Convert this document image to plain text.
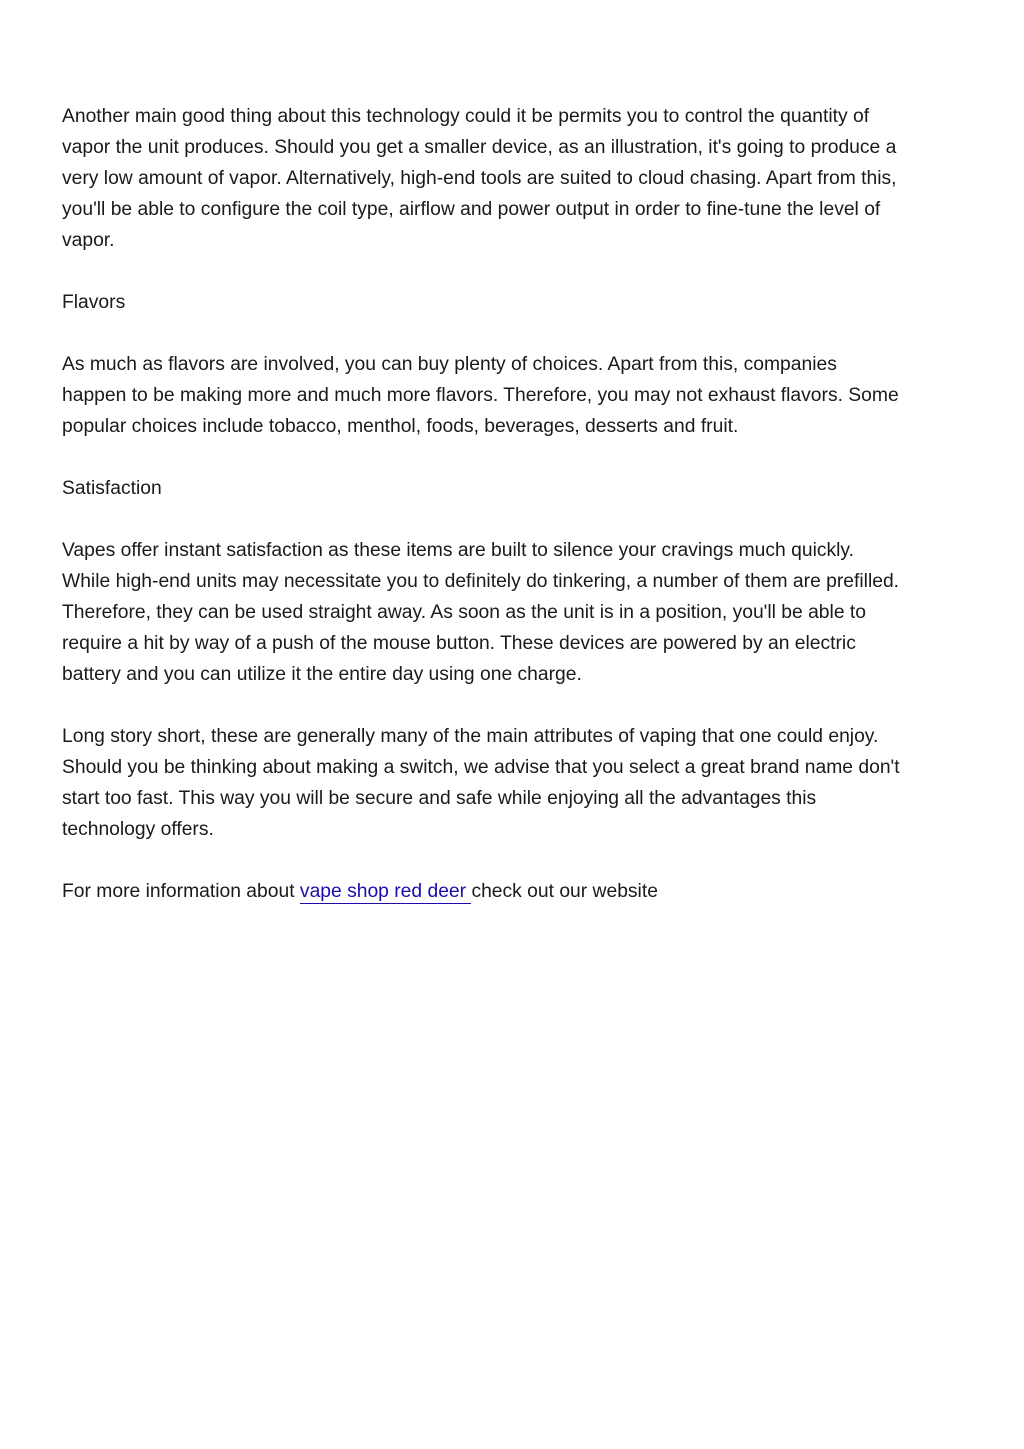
Another main good thing about this technology could it be permits you to control the quantity of
vapor the unit produces. Should you get a smaller device, as an illustration, it's going to produce a
very low amount of vapor. Alternatively, high-end tools are suited to cloud chasing. Apart from this,
you'll be able to configure the coil type, airflow and power output in order to fine-tune the level of
vapor.

Flavors

As much as flavors are involved, you can buy plenty of choices. Apart from this, companies
happen to be making more and much more flavors. Therefore, you may not exhaust flavors. Some
popular choices include tobacco, menthol, foods, beverages, desserts and fruit.

Satisfaction

Vapes offer instant satisfaction as these items are built to silence your cravings much quickly.
While high-end units may necessitate you to definitely do tinkering, a number of them are prefilled.
Therefore, they can be used straight away. As soon as the unit is in a position, you'll be able to
require a hit by way of a push of the mouse button. These devices are powered by an electric
battery and you can utilize it the entire day using one charge.

Long story short, these are generally many of the main attributes of vaping that one could enjoy.
Should you be thinking about making a switch, we advise that you select a great brand name don't
start too fast. This way you will be secure and safe while enjoying all the advantages this
technology offers.

For more information about vape shop red deer check out our website
